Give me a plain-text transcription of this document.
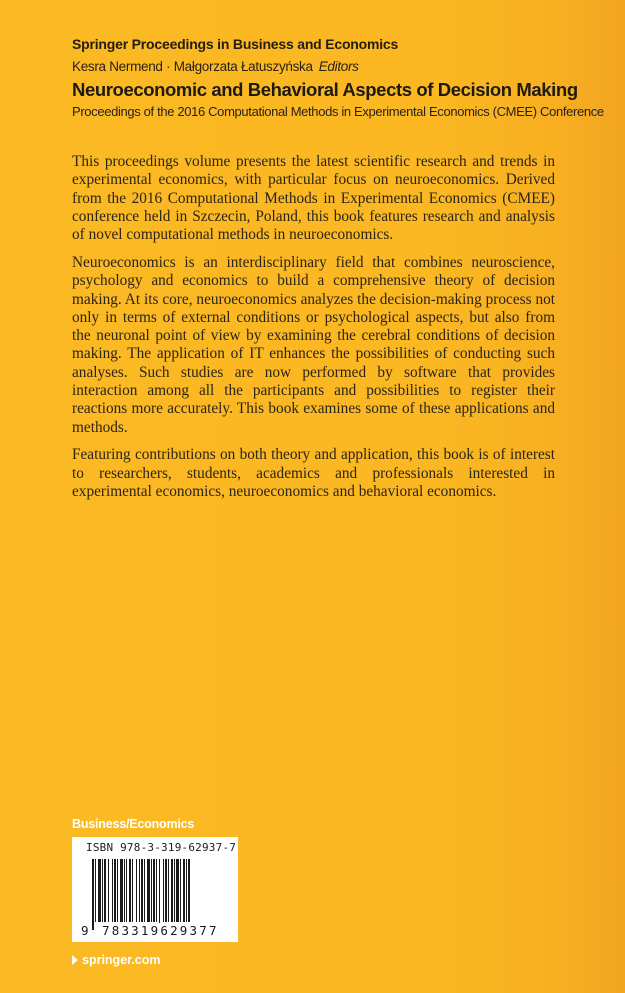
Springer Proceedings in Business and Economics
Kesra Nermend · Małgorzata Łatuszyńska Editors
Neuroeconomic and Behavioral Aspects of Decision Making
Proceedings of the 2016 Computational Methods in Experimental Economics (CMEE) Conference

This proceedings volume presents the latest scientific research and trends in experimental economics, with particular focus on neuroeconomics. Derived from the 2016 Computational Methods in Experimental Economics (CMEE) conference held in Szczecin, Poland, this book features research and analysis of novel computational methods in neuroeconomics.

Neuroeconomics is an interdisciplinary field that combines neuroscience, psychology and economics to build a comprehensive theory of decision making. At its core, neuroeconomics analyzes the decision-making process not only in terms of external conditions or psychological aspects, but also from the neuronal point of view by examining the cerebral conditions of decision making. The application of IT enhances the possibilities of conducting such analyses. Such studies are now performed by software that provides interaction among all the participants and possibilities to register their reactions more accurately. This book examines some of these applications and methods.

Featuring contributions on both theory and application, this book is of interest to researchers, students, academics and professionals interested in experimental economics, neuroeconomics and behavioral economics.

Business/Economics
ISBN 978-3-319-62937-7
9 783319629377
springer.com
